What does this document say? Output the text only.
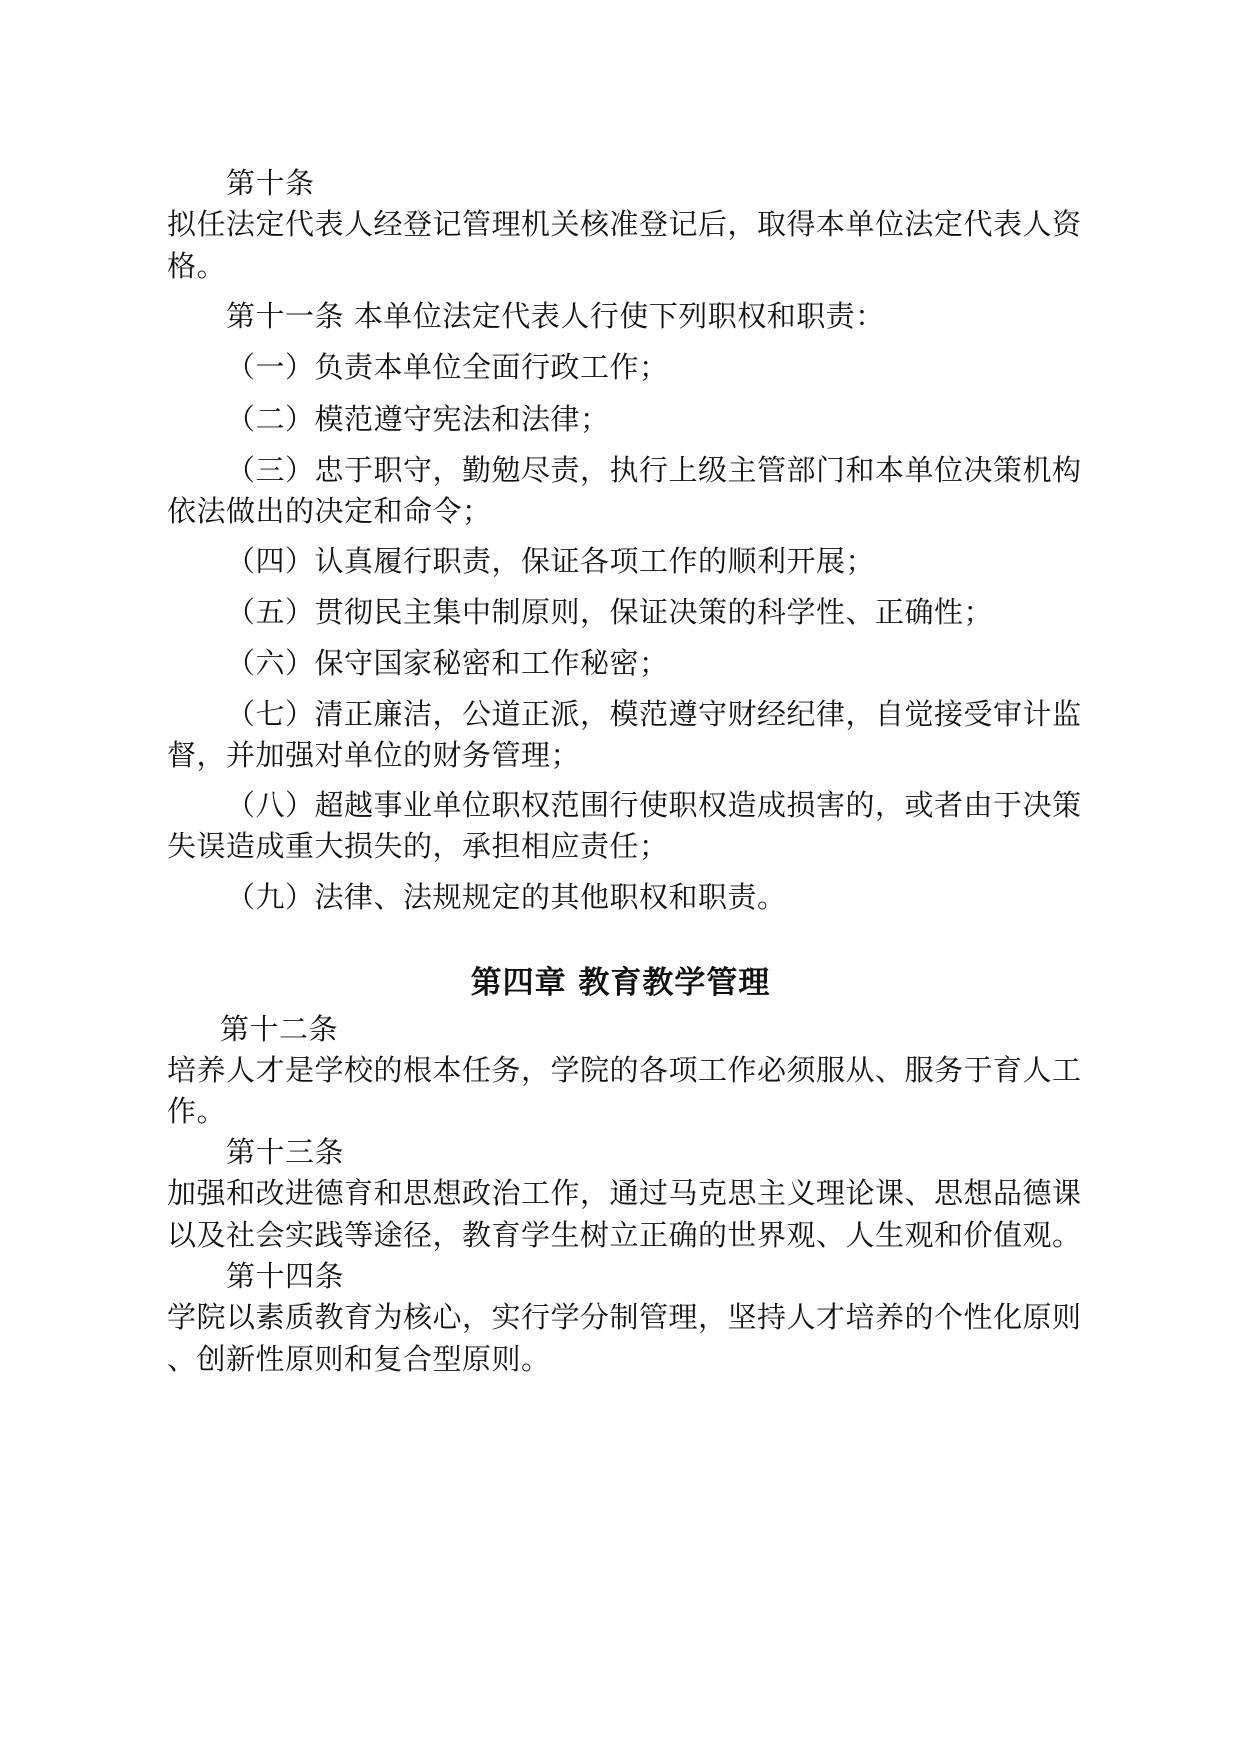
第十条
拟任法定代表人经登记管理机关核准登记后，取得本单位法定代表人资
格。
第十一条 本单位法定代表人行使下列职权和职责：
（一）负责本单位全面行政工作；
（二）模范遵守宪法和法律；
（三）忠于职守，勤勉尽责，执行上级主管部门和本单位决策机构
依法做出的决定和命令；
（四）认真履行职责，保证各项工作的顺利开展；
（五）贯彻民主集中制原则，保证决策的科学性、正确性；
（六）保守国家秘密和工作秘密；
（七）清正廉洁，公道正派，模范遵守财经纪律，自觉接受审计监
督，并加强对单位的财务管理；
（八）超越事业单位职权范围行使职权造成损害的，或者由于决策
失误造成重大损失的，承担相应责任；
（九）法律、法规规定的其他职权和职责。
第四章 教育教学管理
第十二条
培养人才是学校的根本任务，学院的各项工作必须服从、服务于育人工
作。
第十三条
加强和改进德育和思想政治工作，通过马克思主义理论课、思想品德课
以及社会实践等途径，教育学生树立正确的世界观、人生观和价值观。
第十四条
学院以素质教育为核心，实行学分制管理，坚持人才培养的个性化原则
、创新性原则和复合型原则。
